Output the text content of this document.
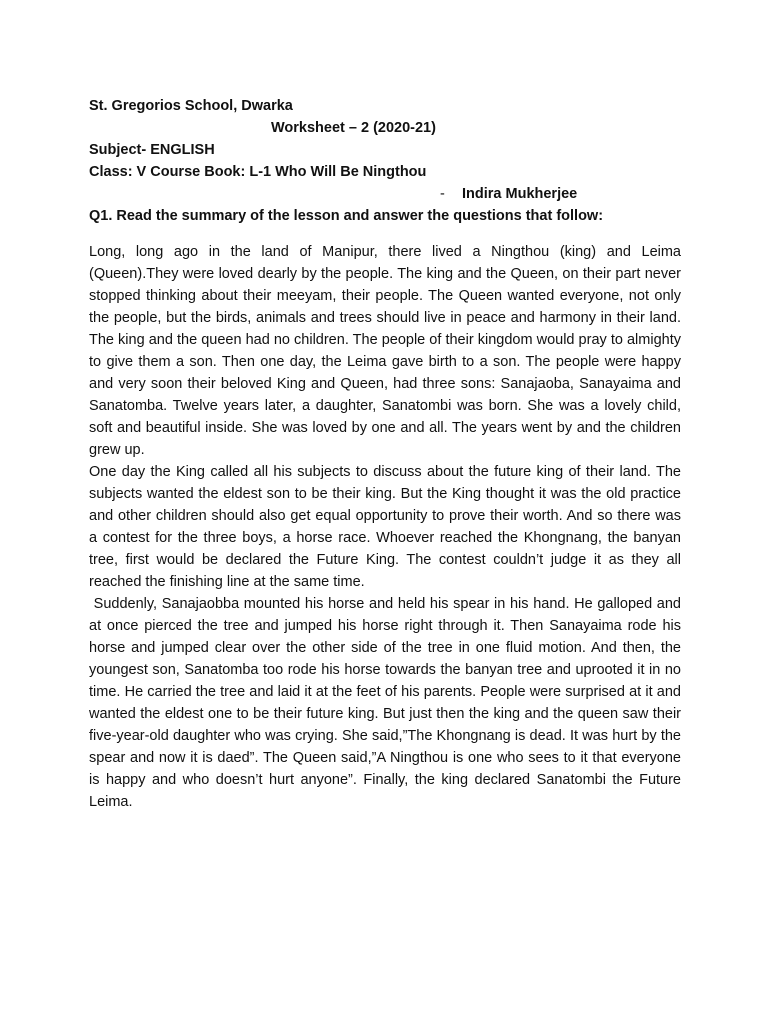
St. Gregorios School, Dwarka

Worksheet – 2 (2020-21)

Subject- ENGLISH

Class: V Course Book: L-1 Who Will Be Ningthou

- Indira Mukherjee

Q1. Read the summary of the lesson and answer the questions that follow:

Long, long ago in the land of Manipur, there lived a Ningthou (king) and Leima (Queen).They were loved dearly by the people. The king and the Queen, on their part never stopped thinking about their meeyam, their people. The Queen wanted everyone, not only the people, but the birds, animals and trees should live in peace and harmony in their land. The king and the queen had no children. The people of their kingdom would pray to almighty to give them a son. Then one day, the Leima gave birth to a son. The people were happy and very soon their beloved King and Queen, had three sons: Sanajaoba, Sanayaima and Sanatomba. Twelve years later, a daughter, Sanatombi was born. She was a lovely child, soft and beautiful inside. She was loved by one and all. The years went by and the children grew up.

One day the King called all his subjects to discuss about the future king of their land. The subjects wanted the eldest son to be their king. But the King thought it was the old practice and other children should also get equal opportunity to prove their worth. And so there was a contest for the three boys, a horse race. Whoever reached the Khongnang, the banyan tree, first would be declared the Future King. The contest couldn’t judge it as they all reached the finishing line at the same time.

Suddenly, Sanajaobba mounted his horse and held his spear in his hand. He galloped and at once pierced the tree and jumped his horse right through it. Then Sanayaima rode his horse and jumped clear over the other side of the tree in one fluid motion. And then, the youngest son, Sanatomba too rode his horse towards the banyan tree and uprooted it in no time. He carried the tree and laid it at the feet of his parents. People were surprised at it and wanted the eldest one to be their future king. But just then the king and the queen saw their five-year-old daughter who was crying. She said,”The Khongnang is dead. It was hurt by the spear and now it is daed”. The Queen said,”A Ningthou is one who sees to it that everyone is happy and who doesn’t hurt anyone”. Finally, the king declared Sanatombi the Future Leima.
